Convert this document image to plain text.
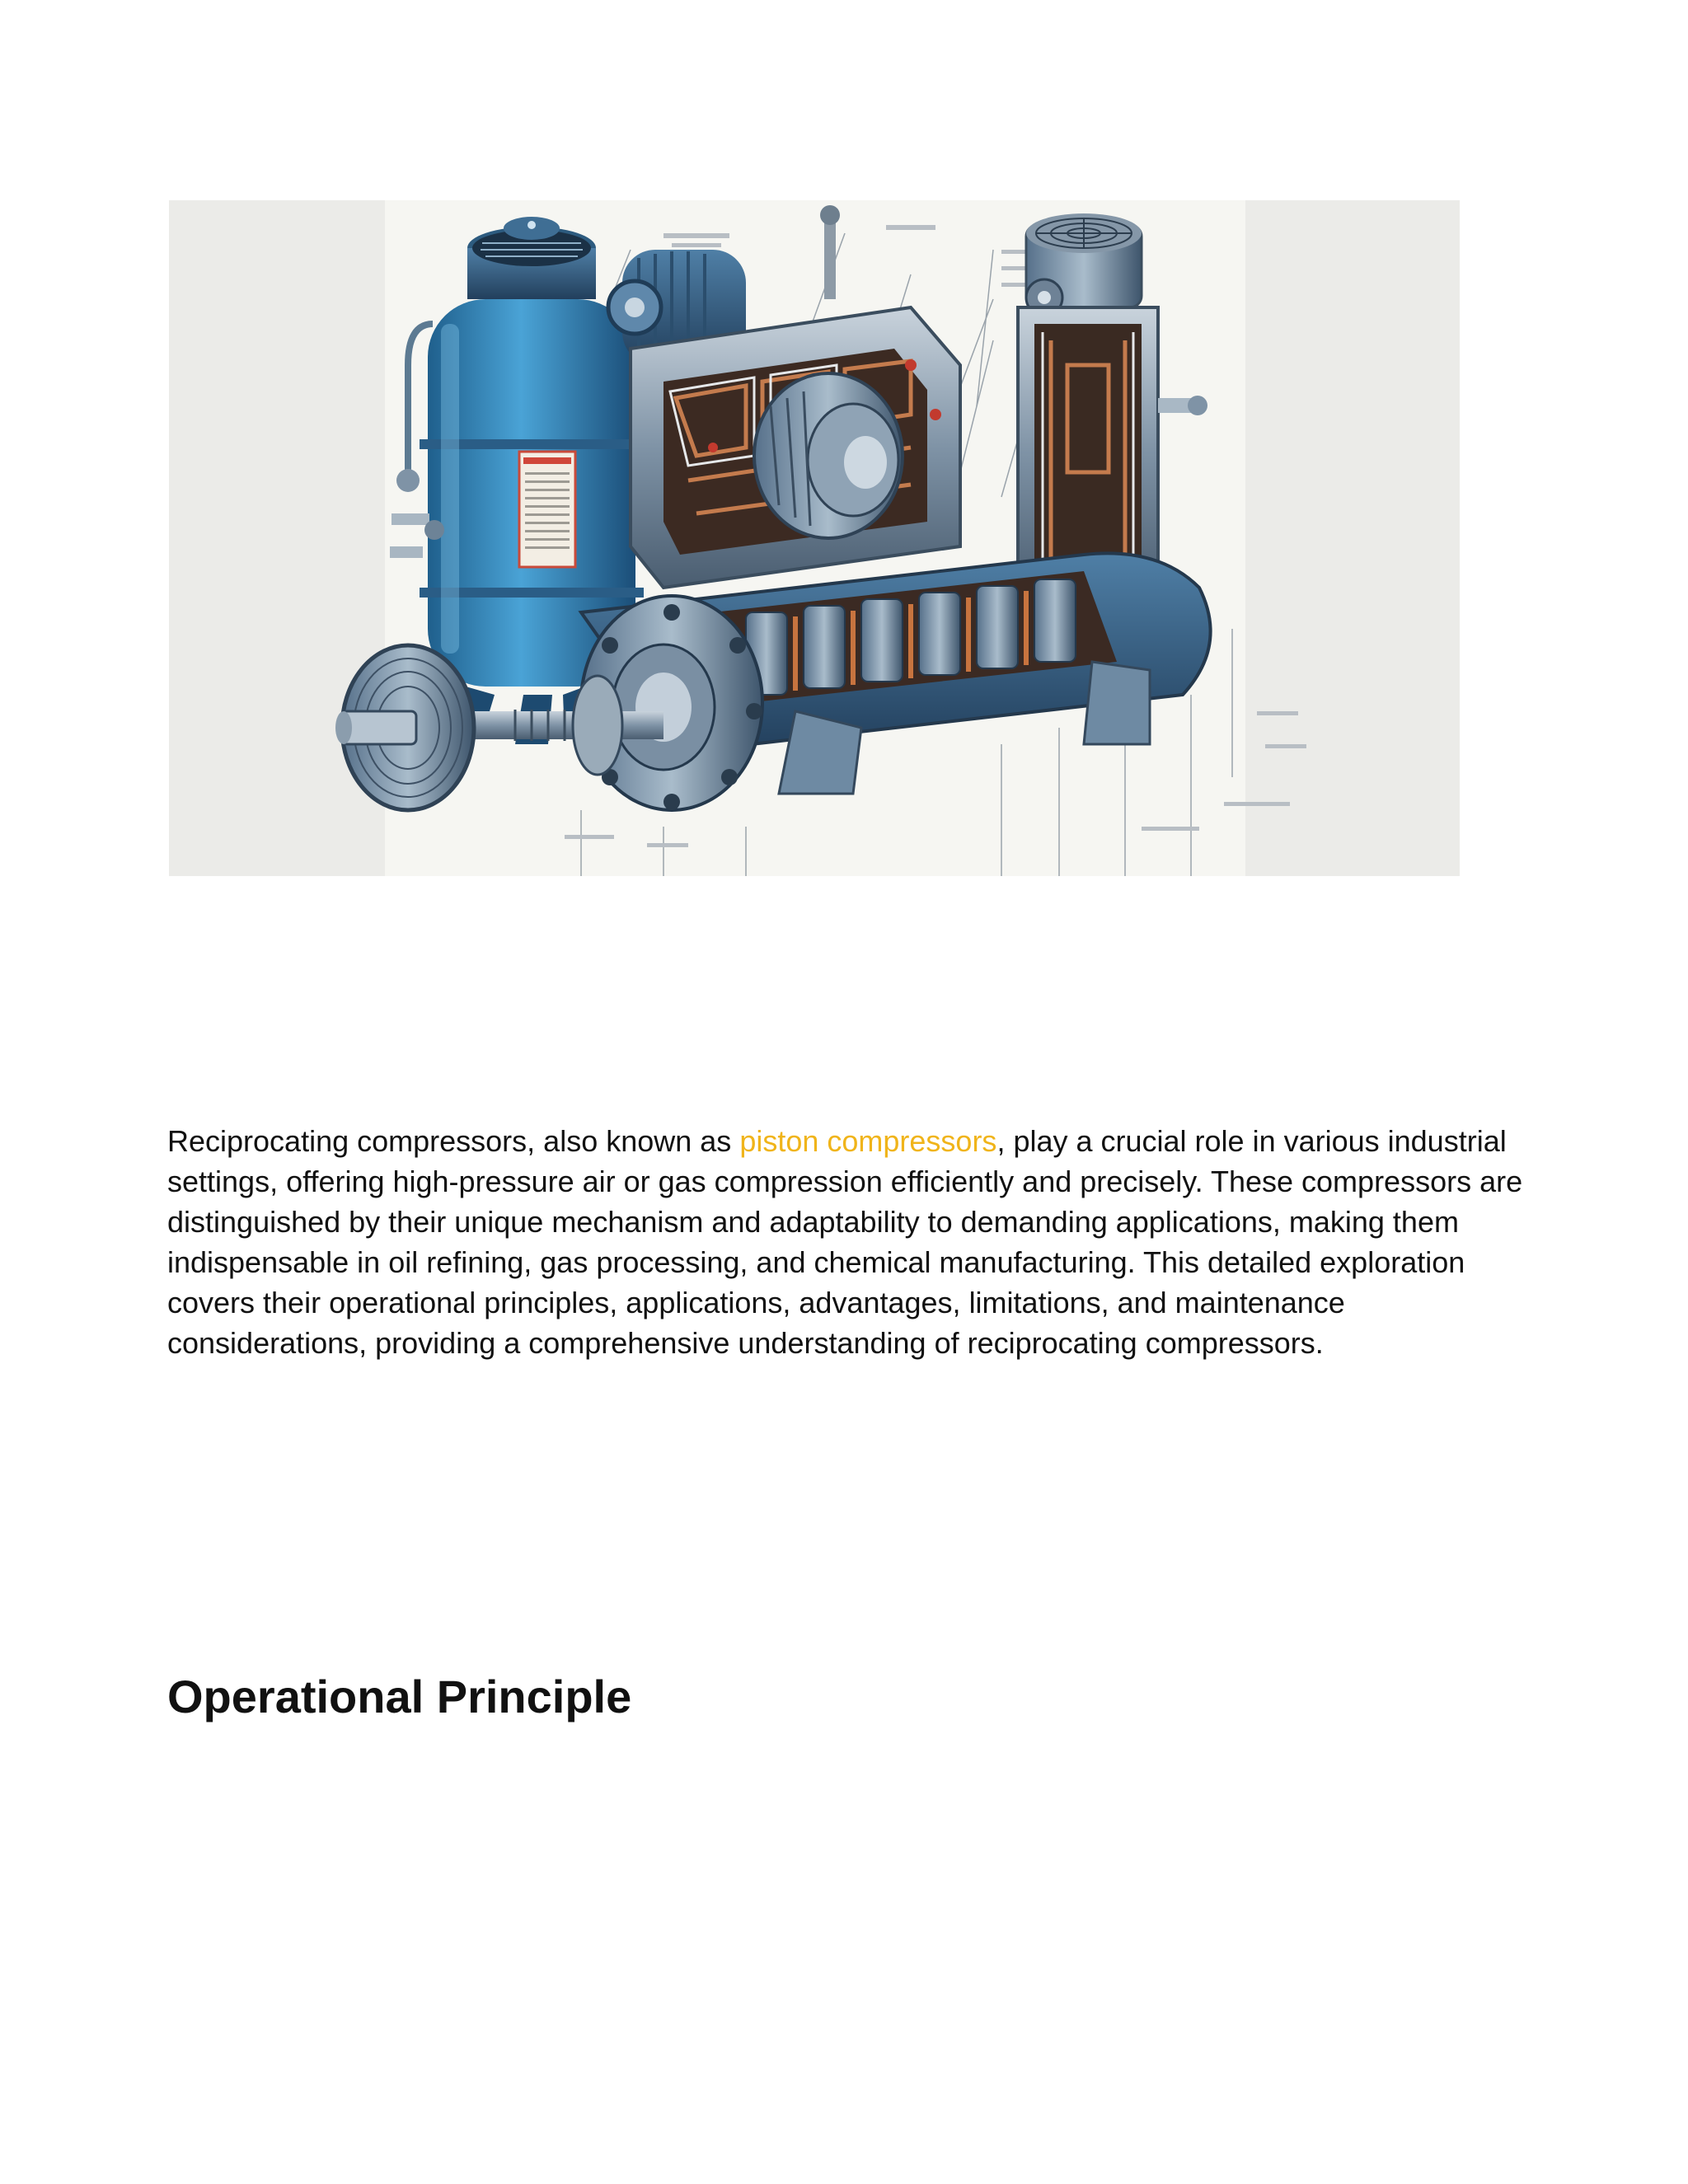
Reciprocating compressors, also known as piston compressors, play a crucial role in various industrial settings, offering high-pressure air or gas compression efficiently and precisely. These compressors are distinguished by their unique mechanism and adaptability to demanding applications, making them indispensable in oil refining, gas processing, and chemical manufacturing. This detailed exploration covers their operational principles, applications, advantages, limitations, and maintenance considerations, providing a comprehensive understanding of reciprocating compressors.

Operational Principle
